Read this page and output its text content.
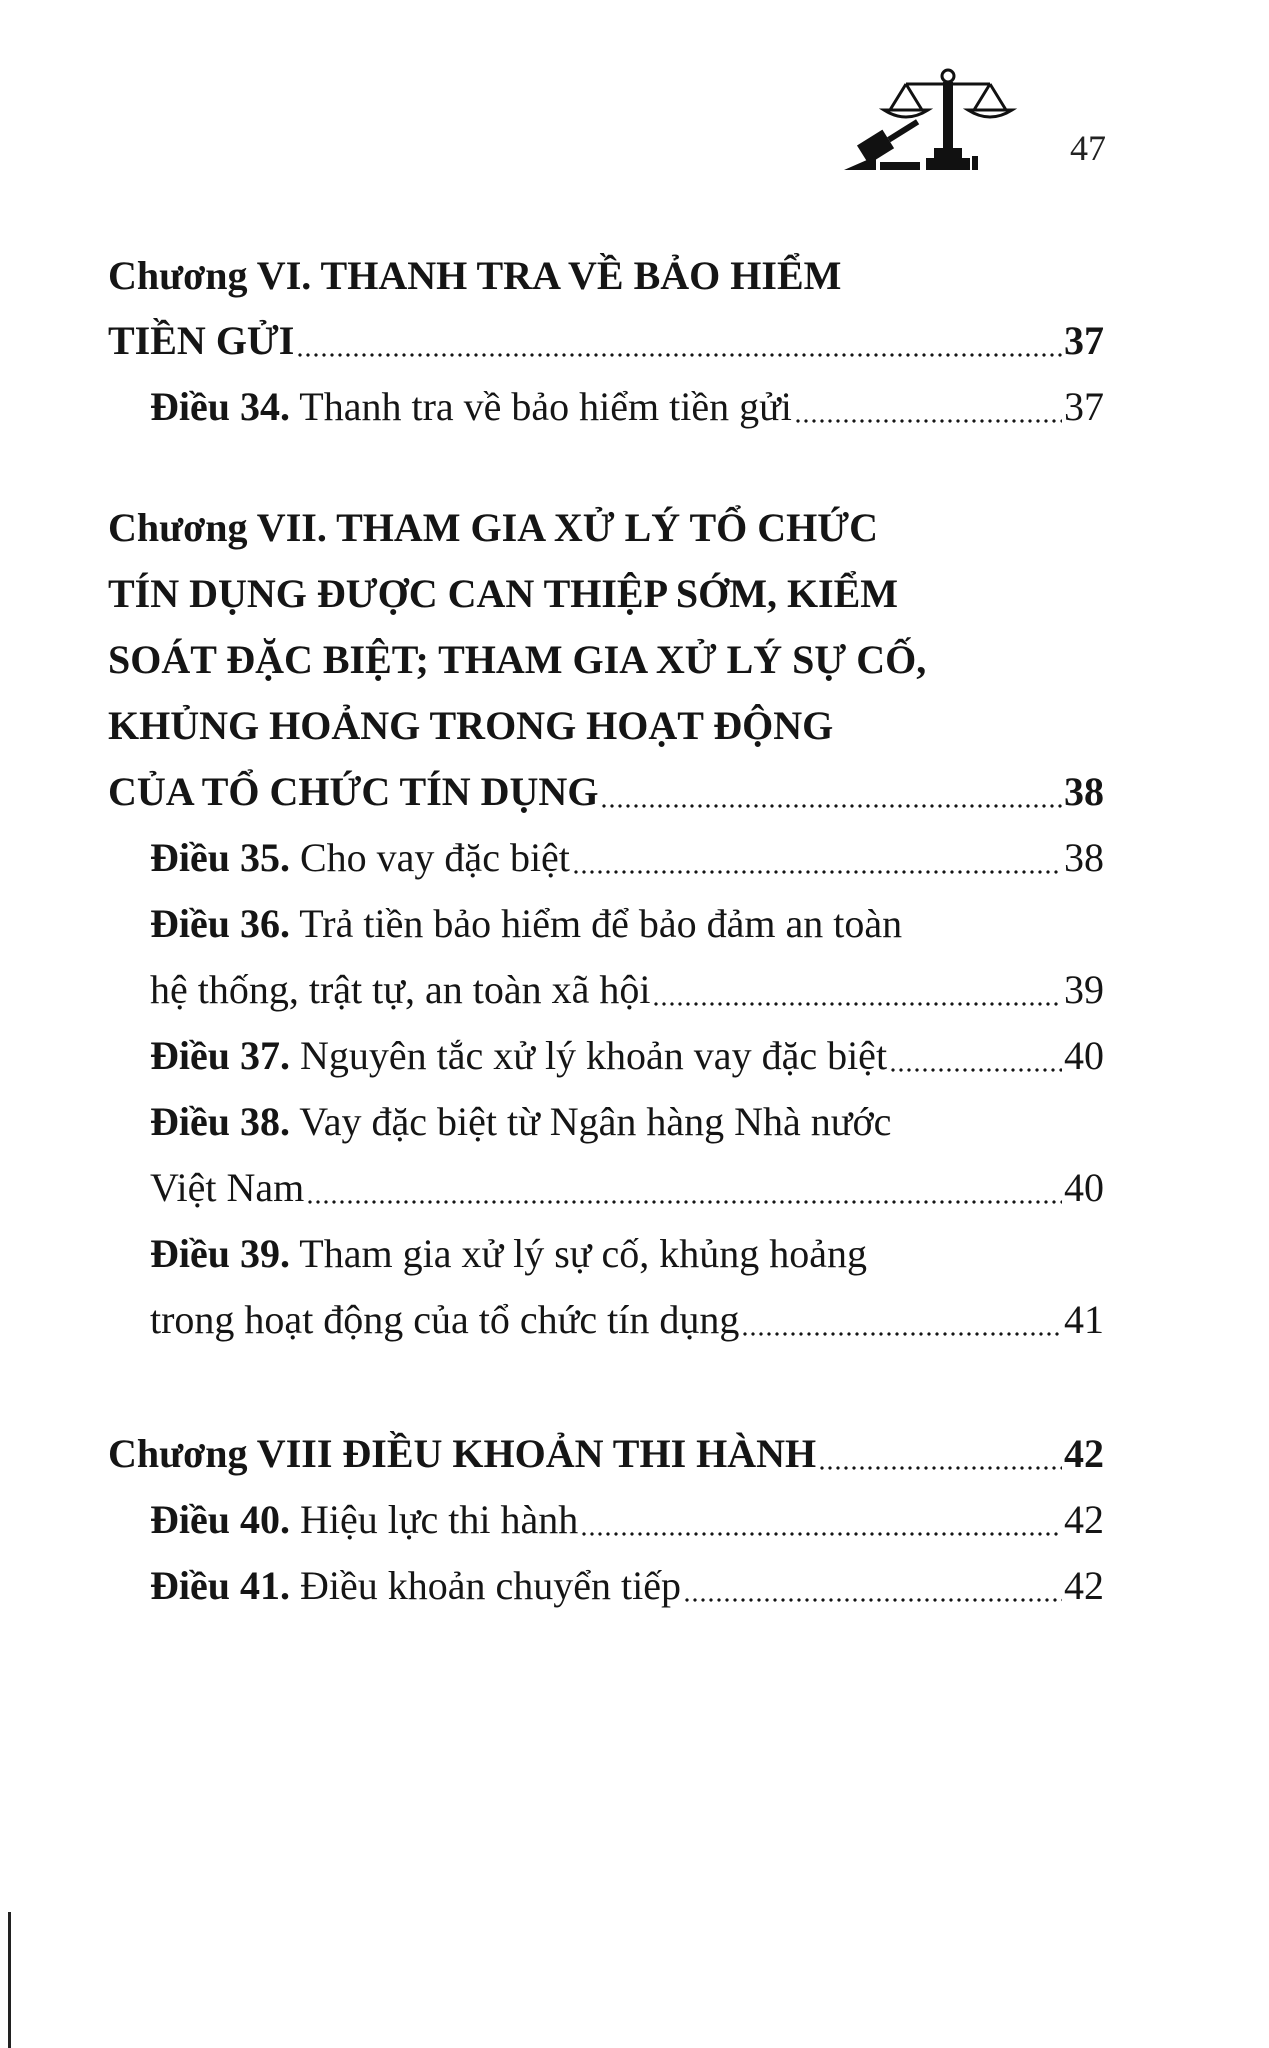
47
Chương VI. THANH TRA VỀ BẢO HIỂM
TIỀN GỬI	37
Điều 34. Thanh tra về bảo hiểm tiền gửi	37
Chương VII. THAM GIA XỬ LÝ TỔ CHỨC
TÍN DỤNG ĐƯỢC CAN THIỆP SỚM, KIỂM
SOÁT ĐẶC BIỆT; THAM GIA XỬ LÝ SỰ CỐ,
KHỦNG HOẢNG TRONG HOẠT ĐỘNG
CỦA TỔ CHỨC TÍN DỤNG	38
Điều 35. Cho vay đặc biệt	38
Điều 36. Trả tiền bảo hiểm để bảo đảm an toàn
hệ thống, trật tự, an toàn xã hội	39
Điều 37. Nguyên tắc xử lý khoản vay đặc biệt	40
Điều 38. Vay đặc biệt từ Ngân hàng Nhà nước
Việt Nam	40
Điều 39. Tham gia xử lý sự cố, khủng hoảng
trong hoạt động của tổ chức tín dụng	41
Chương VIII ĐIỀU KHOẢN THI HÀNH	42
Điều 40. Hiệu lực thi hành	42
Điều 41. Điều khoản chuyển tiếp	42
